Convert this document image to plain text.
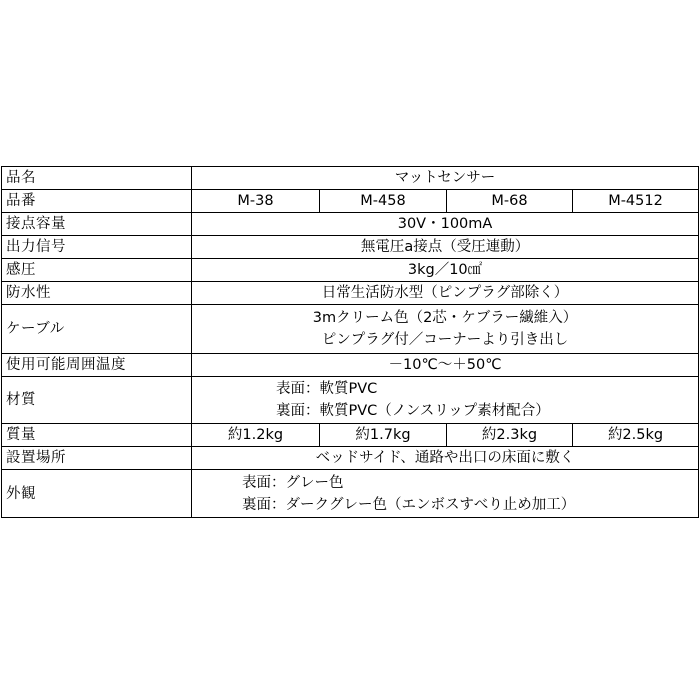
品名	マットセンサー			
品番	M-38	M-458	M-68	M-4512
接点容量	30V・100mA			
出力信号	無電圧a接点（受圧連動）			
感圧	3kg／10㎠			
防水性	日常生活防水型（ピンプラグ部除く）			
ケーブル	3mクリーム色（2芯・ケブラー繊維入）
ピンプラグ付／コーナーより引き出し			

使用可能周囲温度	－10℃～＋50℃			
材質	表面：軟質PVC
裏面：軟質PVC（ノンスリップ素材配合）			

質量	約1.2kg	約1.7kg	約2.3kg	約2.5kg
設置場所	ベッドサイド、通路や出口の床面に敷く			
外観	表面：グレー色
裏面：ダークグレー色（エンボスすべり止め加工）			
